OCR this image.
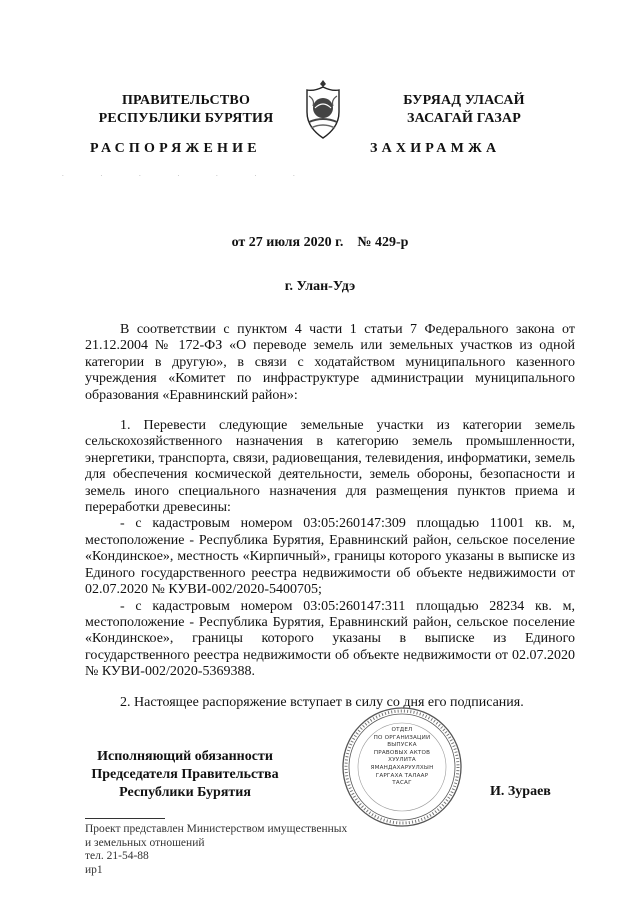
ПРАВИТЕЛЬСТВО
РЕСПУБЛИКИ БУРЯТИЯ
БУРЯАД УЛАСАЙ
ЗАСАГАЙ ГАЗАР
РАСПОРЯЖЕНИЕ	ЗАХИРАМЖА
.                     .                     .                     .                     .                     .                     .
от 27 июля 2020 г. № 429-р
г. Улан-Удэ

В соответствии с пунктом 4 части 1 статьи 7 Федерального закона от 21.12.2004 № 172-ФЗ «О переводе земель или земельных участков из одной категории в другую», в связи с ходатайством муниципального казенного учреждения «Комитет по инфраструктуре администрации муниципального образования «Еравнинский район»:

1. Перевести следующие земельные участки из категории земель сельскохозяйственного назначения в категорию земель промышленности, энергетики, транспорта, связи, радиовещания, телевидения, информатики, земель для обеспечения космической деятельности, земель обороны, безопасности и земель иного специального назначения для размещения пунктов приема и переработки древесины:

- с кадастровым номером 03:05:260147:309 площадью 11001 кв. м, местоположение - Республика Бурятия, Еравнинский район, сельское поселение «Кондинское», местность «Кирпичный», границы которого указаны в выписке из Единого государственного реестра недвижимости об объекте недвижимости от 02.07.2020 № КУВИ-002/2020-5400705;

- с кадастровым номером 03:05:260147:311 площадью 28234 кв. м, местоположение - Республика Бурятия, Еравнинский район, сельское поселение «Кондинское», границы которого указаны в выписке из Единого государственного реестра недвижимости об объекте недвижимости от 02.07.2020 № КУВИ-002/2020-5369388.

2. Настоящее распоряжение вступает в силу со дня его подписания.

Исполняющий обязанности
Председателя Правительства
Республики Бурятия	И. Зураев
ОТДЕЛ
ПО ОРГАНИЗАЦИИ
ВЫПУСКА
ПРАВОВЫХ АКТОВ
ХУУЛИТА
ЯМАНДАХАРУУЛХЫН
ГАРГАХА ТАЛААР
ТАСАГ
Проект представлен Министерством имущественных
и земельных отношений
тел. 21-54-88
ир1
